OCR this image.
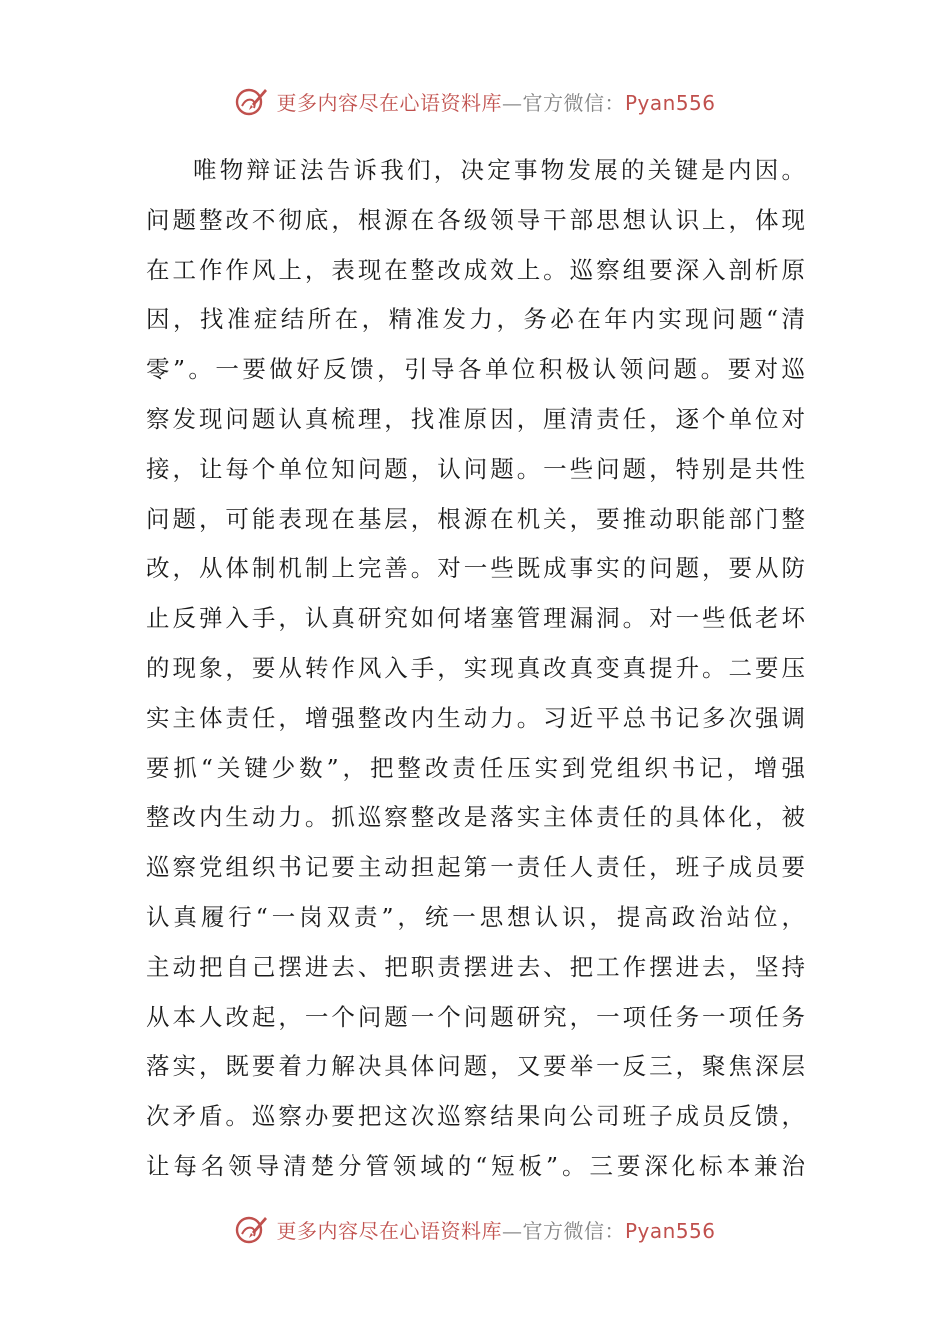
更多内容尽在心语资料库—官方微信：Pyan556
唯物辩证法告诉我们，决定事物发展的关键是内因。
问题整改不彻底，根源在各级领导干部思想认识上，体现
在工作作风上，表现在整改成效上。巡察组要深入剖析原
因，找准症结所在，精准发力，务必在年内实现问题“清
零”。一要做好反馈，引导各单位积极认领问题。要对巡
察发现问题认真梳理，找准原因，厘清责任，逐个单位对
接，让每个单位知问题，认问题。一些问题，特别是共性
问题，可能表现在基层，根源在机关，要推动职能部门整
改，从体制机制上完善。对一些既成事实的问题，要从防
止反弹入手，认真研究如何堵塞管理漏洞。对一些低老坏
的现象，要从转作风入手，实现真改真变真提升。二要压
实主体责任，增强整改内生动力。习近平总书记多次强调
要抓“关键少数”，把整改责任压实到党组织书记，增强
整改内生动力。抓巡察整改是落实主体责任的具体化，被
巡察党组织书记要主动担起第一责任人责任，班子成员要
认真履行“一岗双责”，统一思想认识，提高政治站位，
主动把自己摆进去、把职责摆进去、把工作摆进去，坚持
从本人改起，一个问题一个问题研究，一项任务一项任务
落实，既要着力解决具体问题，又要举一反三，聚焦深层
次矛盾。巡察办要把这次巡察结果向公司班子成员反馈，
让每名领导清楚分管领域的“短板”。三要深化标本兼治
更多内容尽在心语资料库—官方微信：Pyan556
